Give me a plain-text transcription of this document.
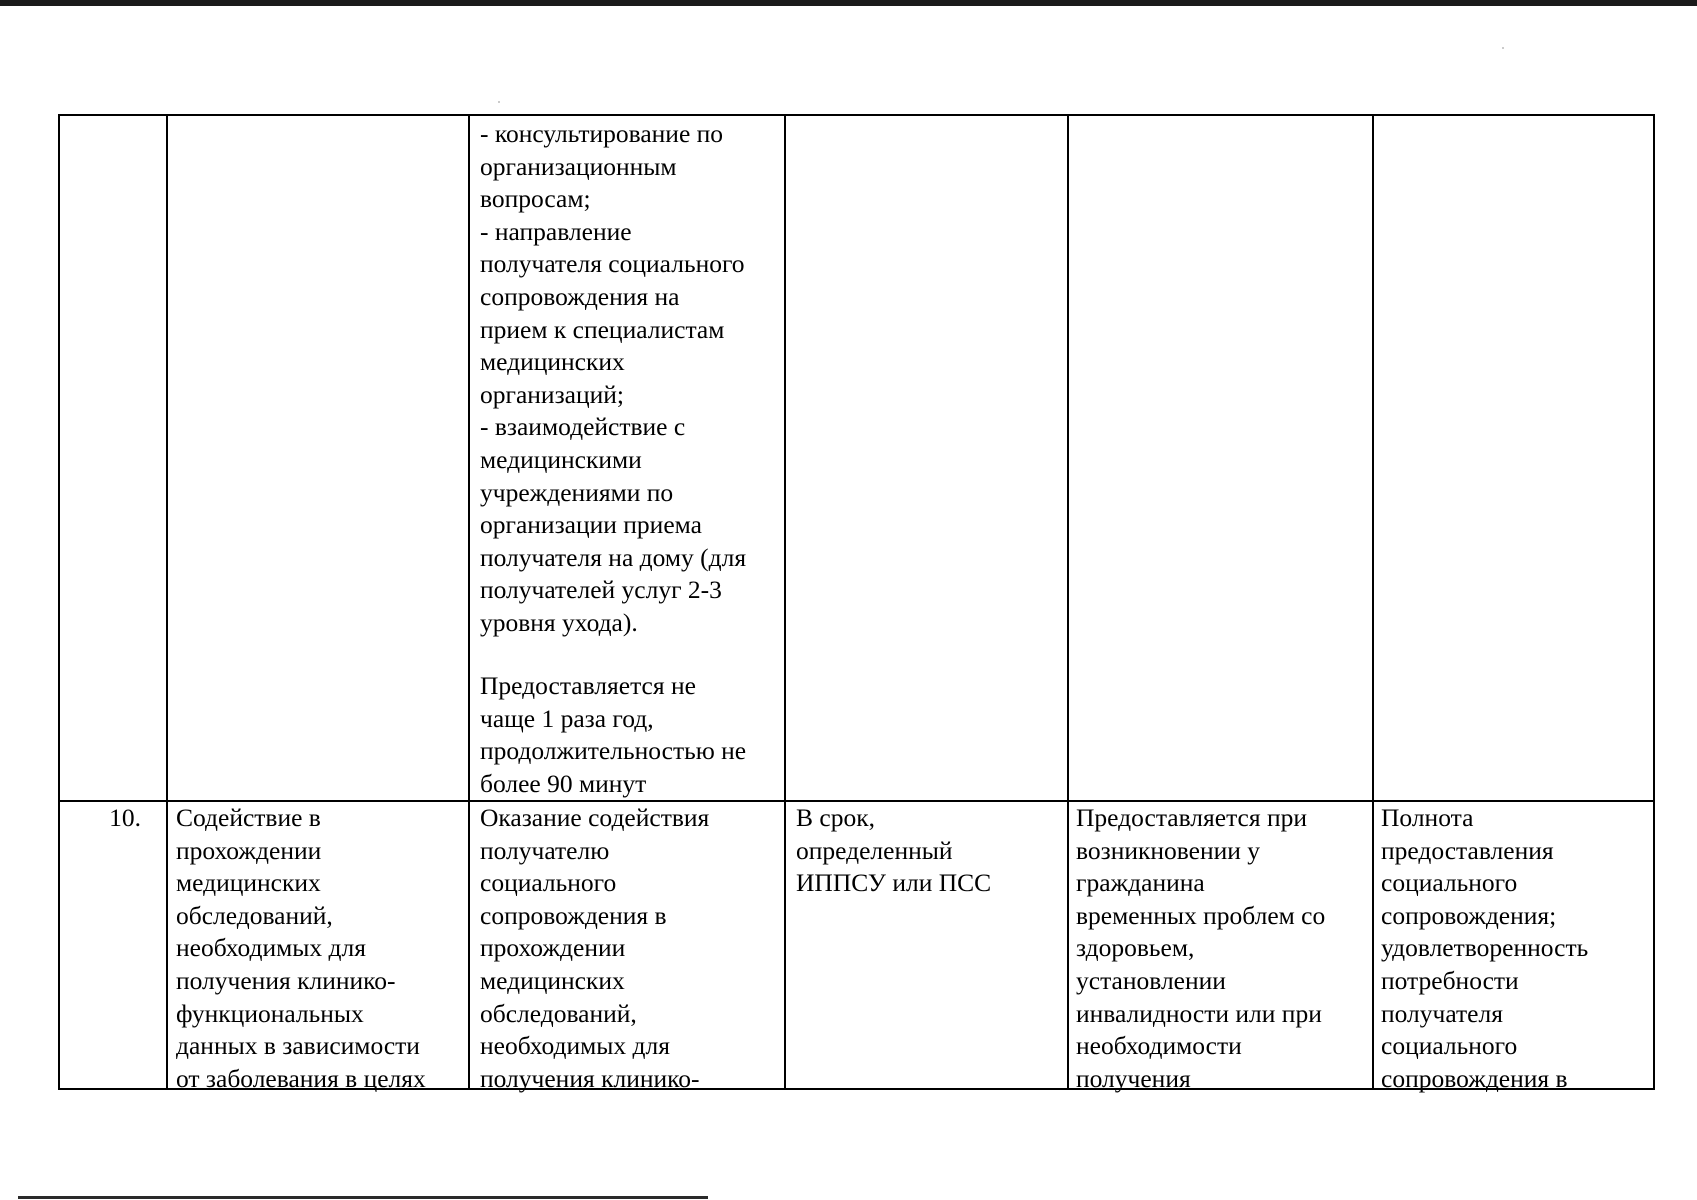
- консультирование по
организационным
вопросам;
- направление
получателя социального
сопровождения на
прием к специалистам
медицинских
организаций;
- взаимодействие с
медицинскими
учреждениями по
организации приема
получателя на дому (для
получателей услуг 2-3
уровня ухода).
Предоставляется не
чаще 1 раза год,
продолжительностью не
более 90 минут
10.	Содействие в
прохождении
медицинских
обследований,
необходимых для
получения клинико-
функциональных
данных в зависимости
от заболевания в целях
Оказание содействия
получателю
социального
сопровождения в
прохождении
медицинских
обследований,
необходимых для
получения клинико-
В срок,
определенный
ИППСУ или ПСС
Предоставляется при
возникновении у
гражданина
временных проблем со
здоровьем,
установлении
инвалидности или при
необходимости
получения
Полнота
предоставления
социального
сопровождения;
удовлетворенность
потребности
получателя
социального
сопровождения в
